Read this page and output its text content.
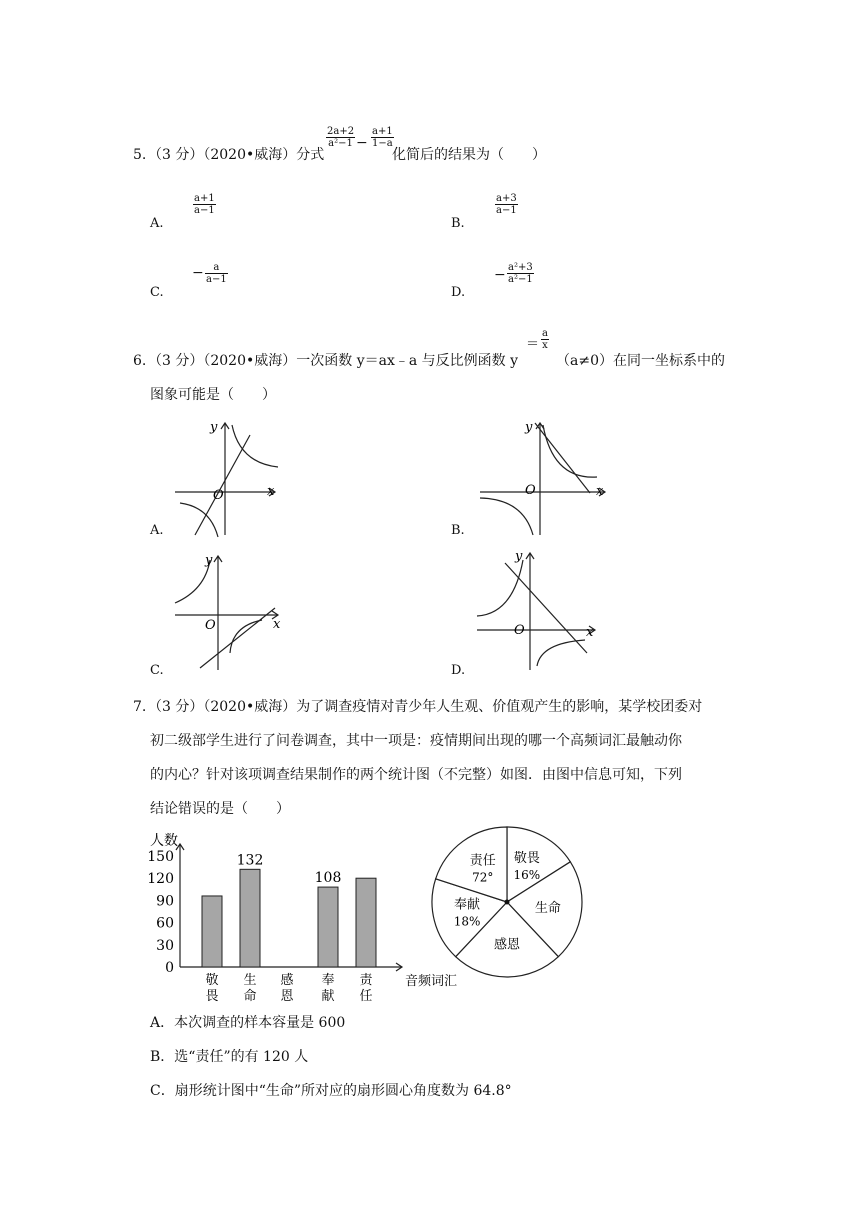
5. （3 分）（2020•威海）分式
$\frac{2a+2}{\text{a²−1}} - \frac{a+1}{1-a}$
化简后的结果为（　　）
A.
$\frac{a+1}{a-1}$
B.
$\frac{a+3}{a-1}$
C.
− $\frac{a}{a-1}$
D.
− $\frac{\text{a²+3}}{\text{a²−1}}$
6. （3 分）（2020•威海）一次函数 y＝ax﹣a 与反比例函数 y
＝ $\frac{a}{x}$
（a≠0）在同一坐标系中的
图象可能是（　　）
y
x
O
A.
y
x
O
B.
y
x
O
C.
y
x
O
D.
7. （3 分）（2020•威海）为了调查疫情对青少年人生观、价值观产生的影响，某学校团委对
初二级部学生进行了问卷调查，其中一项是：疫情期间出现的哪一个高频词汇最触动你
的内心？针对该项调查结果制作的两个统计图（不完整）如图．由图中信息可知，下列
结论错误的是（　　）
人数
音频词汇
0
30
60
90
120
150	132
108
敬畏
生命
感恩
奉献
责任
敬畏
16%
生命
感恩
奉献
18%
责任
72°
A．本次调查的样本容量是 600
B．选“责任”的有 120 人
C．扇形统计图中“生命”所对应的扇形圆心角度数为 64.8°
